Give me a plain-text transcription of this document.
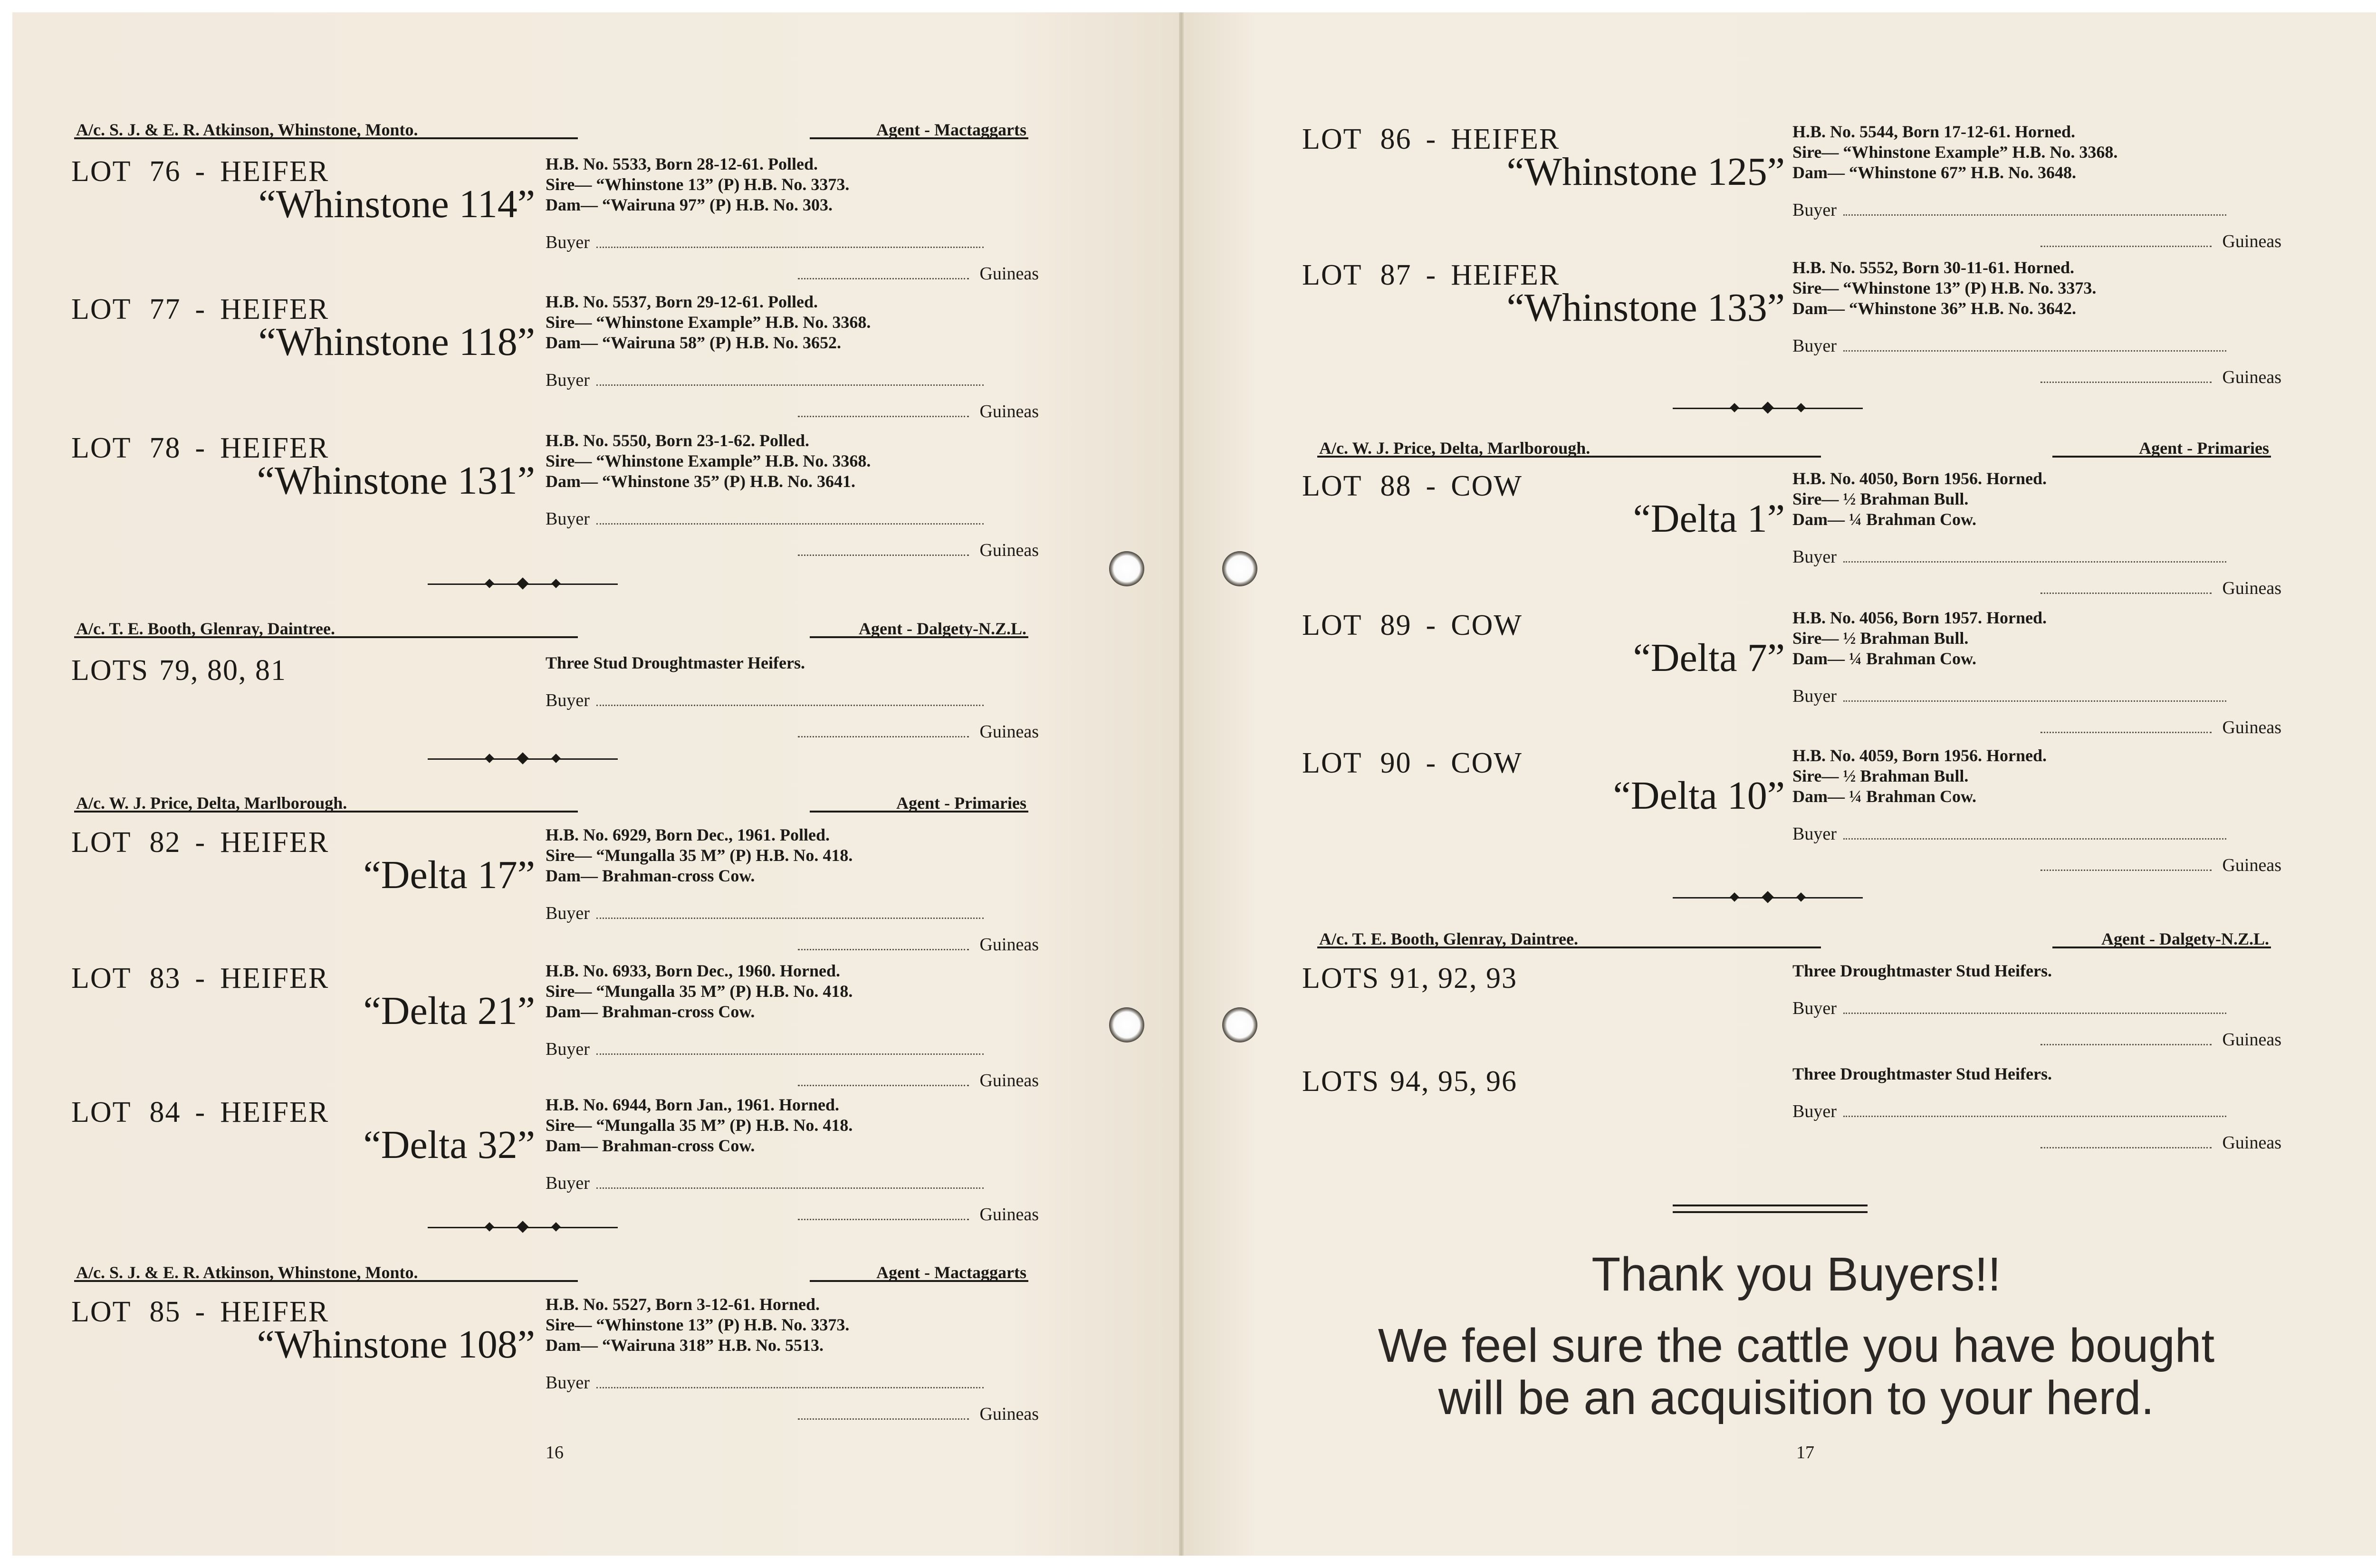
A/c. S. J. & E. R. Atkinson, Whinstone, Monto.	Agent - Mactaggarts
LOT 76 - HEIFER
“Whinstone 114”
H.B. No. 5533, Born 28-12-61. Polled.
Sire— “Whinstone 13” (P) H.B. No. 3373.
Dam— “Wairuna 97” (P) H.B. No. 303.
Buyer
Guineas
LOT 77 - HEIFER
“Whinstone 118”
H.B. No. 5537, Born 29-12-61. Polled.
Sire— “Whinstone Example” H.B. No. 3368.
Dam— “Wairuna 58” (P) H.B. No. 3652.
Buyer
Guineas
LOT 78 - HEIFER
“Whinstone 131”
H.B. No. 5550, Born 23-1-62. Polled.
Sire— “Whinstone Example” H.B. No. 3368.
Dam— “Whinstone 35” (P) H.B. No. 3641.
Buyer
Guineas
A/c. T. E. Booth, Glenray, Daintree.	Agent - Dalgety-N.Z.L.
LOTS 79, 80, 81	Three Stud Droughtmaster Heifers.
Buyer
Guineas
A/c. W. J. Price, Delta, Marlborough.	Agent - Primaries
LOT 82 - HEIFER
“Delta 17”
H.B. No. 6929, Born Dec., 1961. Polled.
Sire— “Mungalla 35 M” (P) H.B. No. 418.
Dam— Brahman-cross Cow.
Buyer
Guineas
LOT 83 - HEIFER
“Delta 21”
H.B. No. 6933, Born Dec., 1960. Horned.
Sire— “Mungalla 35 M” (P) H.B. No. 418.
Dam— Brahman-cross Cow.
Buyer
Guineas
LOT 84 - HEIFER
“Delta 32”
H.B. No. 6944, Born Jan., 1961. Horned.
Sire— “Mungalla 35 M” (P) H.B. No. 418.
Dam— Brahman-cross Cow.
Buyer
Guineas
A/c. S. J. & E. R. Atkinson, Whinstone, Monto.	Agent - Mactaggarts
LOT 85 - HEIFER
“Whinstone 108”
H.B. No. 5527, Born 3-12-61. Horned.
Sire— “Whinstone 13” (P) H.B. No. 3373.
Dam— “Wairuna 318” H.B. No. 5513.
Buyer
Guineas
16
LOT 86 - HEIFER
“Whinstone 125”
H.B. No. 5544, Born 17-12-61. Horned.
Sire— “Whinstone Example” H.B. No. 3368.
Dam— “Whinstone 67” H.B. No. 3648.
Buyer
Guineas
LOT 87 - HEIFER
“Whinstone 133”
H.B. No. 5552, Born 30-11-61. Horned.
Sire— “Whinstone 13” (P) H.B. No. 3373.
Dam— “Whinstone 36” H.B. No. 3642.
Buyer
Guineas
A/c. W. J. Price, Delta, Marlborough.	Agent - Primaries
LOT 88 - COW
“Delta 1”
H.B. No. 4050, Born 1956. Horned.
Sire— ½ Brahman Bull.
Dam— ¼ Brahman Cow.
Buyer
Guineas
LOT 89 - COW
“Delta 7”
H.B. No. 4056, Born 1957. Horned.
Sire— ½ Brahman Bull.
Dam— ¼ Brahman Cow.
Buyer
Guineas
LOT 90 - COW
“Delta 10”
H.B. No. 4059, Born 1956. Horned.
Sire— ½ Brahman Bull.
Dam— ¼ Brahman Cow.
Buyer
Guineas
A/c. T. E. Booth, Glenray, Daintree.	Agent - Dalgety-N.Z.L.
LOTS 91, 92, 93	Three Droughtmaster Stud Heifers.
Buyer
Guineas
LOTS 94, 95, 96	Three Droughtmaster Stud Heifers.
Buyer
Guineas
17
Thank you Buyers!!
We feel sure the cattle you have bought
will be an acquisition to your herd.
